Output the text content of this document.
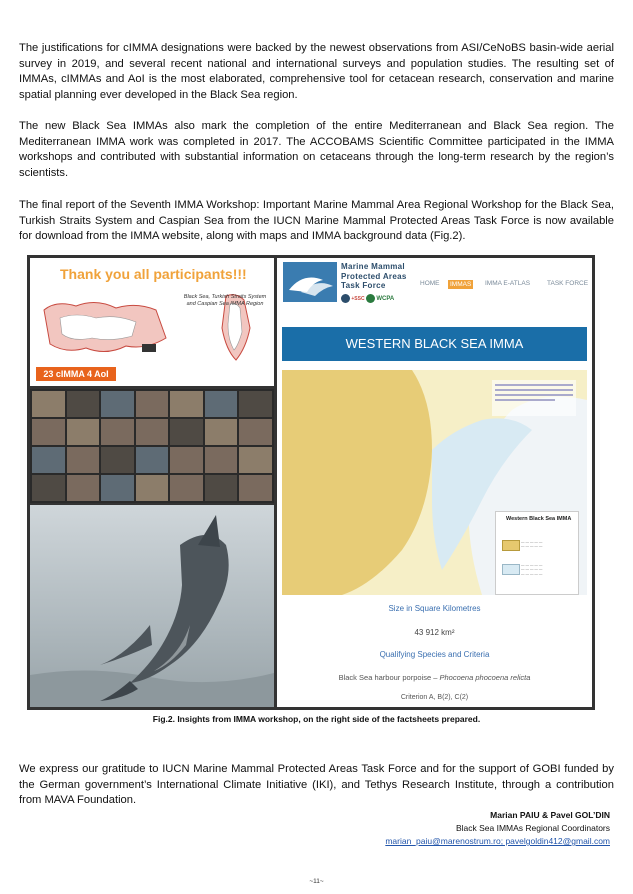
The justifications for cIMMA designations were backed by the newest observations from ASI/CeNoBS basin-wide aerial survey in 2019, and several recent national and international surveys and population studies. The resulting set of IMMAs, cIMMAs and AoI is the most elaborated, comprehensive tool for cetacean research, conservation and marine spatial planning ever developed in the Black Sea region.

The new Black Sea IMMAs also mark the completion of the entire Mediterranean and Black Sea region. The Mediterranean IMMA work was completed in 2017. The ACCOBAMS Scientific Committee participated in the IMMA workshops and contributed with substantial information on cetaceans through the long-term research by the region’s scientists.

The final report of the Seventh IMMA Workshop: Important Marine Mammal Area Regional Workshop for the Black Sea, Turkish Straits System and Caspian Sea from the IUCN Marine Mammal Protected Areas Task Force is now available for download from the IMMA website, along with maps and IMMA background data (Fig.2).

Thank you all participants!!!
Black Sea, Turkish Straits System and Caspian Sea IMMA Region
23 cIMMA 4 AoI
Marine Mammal
Protected Areas
Task Force
+SSC WCPA
HOME	IMMAS	IMMA E-ATLAS	TASK FORCE
WESTERN BLACK SEA IMMA
Western Black Sea IMMA
— — — — —
— — — — —
— — — — —
— — — — —
— — — — —
Size in Square Kilometres
43 912 km²
Qualifying Species and Criteria
Black Sea harbour porpoise – Phocoena phocoena relicta
Criterion A, B(2), C(2)
Fig.2. Insights from IMMA workshop, on the right side of the factsheets prepared.

We express our gratitude to IUCN Marine Mammal Protected Areas Task Force and for the support of GOBI funded by the German government’s International Climate Initiative (IKI), and Tethys Research Institute, through a contribution from MAVA Foundation.

Marian PAIU & Pavel GOL’DIN
Black Sea IMMAs Regional Coordinators
marian_paiu@marenostrum.ro; pavelgoldin412@gmail.com
~11~
